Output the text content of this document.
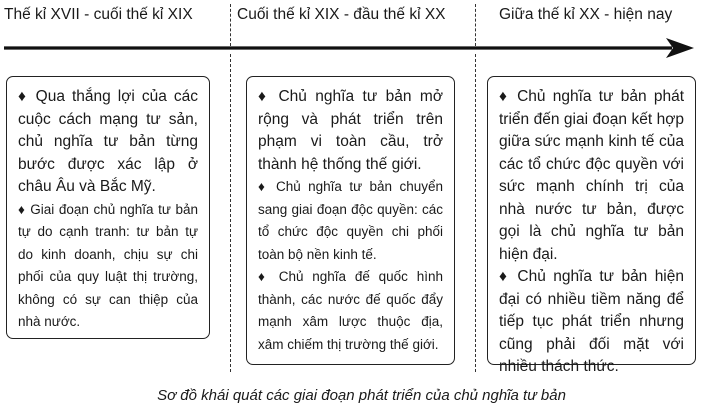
Thế kỉ XVII - cuối thế kỉ XIX	Cuối thế kỉ XIX - đầu thế kỉ XX	Giữa thế kỉ XX - hiện nay

♦ Qua thắng lợi của các cuộc cách mạng tư sản, chủ nghĩa tư bản từng bước được xác lập ở châu Âu và Bắc Mỹ.

♦ Giai đoạn chủ nghĩa tư bản tự do cạnh tranh: tư bản tự do kinh doanh, chịu sự chi phối của quy luật thị trường, không có sự can thiệp của nhà nước.

♦ Chủ nghĩa tư bản mở rộng và phát triển trên phạm vi toàn cầu, trở thành hệ thống thế giới.

♦ Chủ nghĩa tư bản chuyển sang giai đoạn độc quyền: các tổ chức độc quyền chi phối toàn bộ nền kinh tế.

♦ Chủ nghĩa đế quốc hình thành, các nước đế quốc đẩy mạnh xâm lược thuộc địa, xâm chiếm thị trường thế giới.

♦ Chủ nghĩa tư bản phát triển đến giai đoạn kết hợp giữa sức mạnh kinh tế của các tổ chức độc quyền với sức mạnh chính trị của nhà nước tư bản, được gọi là chủ nghĩa tư bản hiện đại.

♦ Chủ nghĩa tư bản hiện đại có nhiều tiềm năng để tiếp tục phát triển nhưng cũng phải đối mặt với nhiều thách thức.

Sơ đồ khái quát các giai đoạn phát triển của chủ nghĩa tư bản
